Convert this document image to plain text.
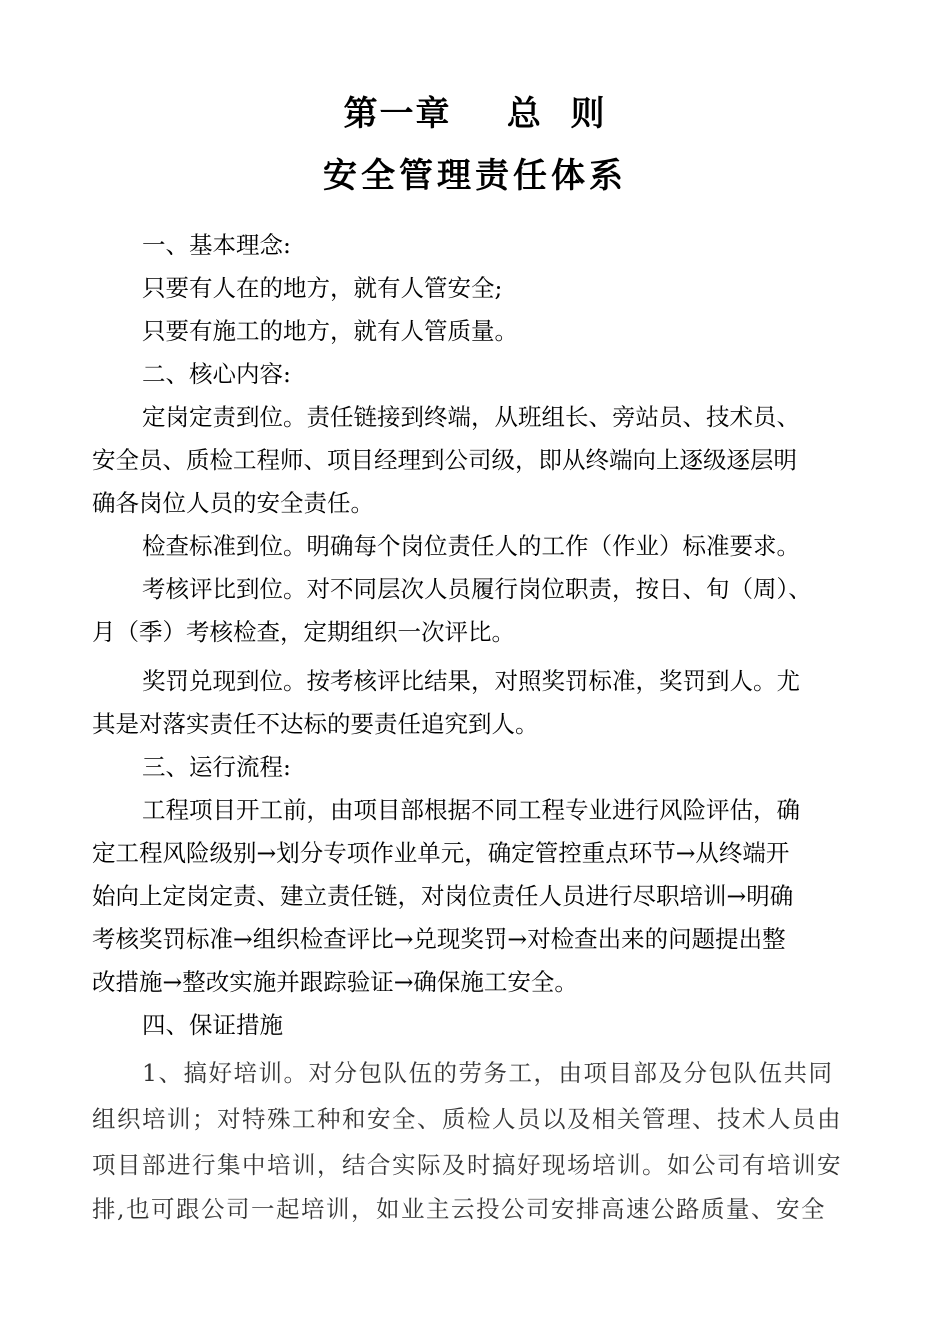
第一章    总  则
安全管理责任体系
一、基本理念:
只要有人在的地方，就有人管安全;
只要有施工的地方，就有人管质量。
二、核心内容:
定岗定责到位。责任链接到终端，从班组长、旁站员、技术员、
安全员、质检工程师、项目经理到公司级，即从终端向上逐级逐层明
确各岗位人员的安全责任。
检查标准到位。明确每个岗位责任人的工作（作业）标准要求。
考核评比到位。对不同层次人员履行岗位职责，按日、旬（周）、
月（季）考核检查，定期组织一次评比。
奖罚兑现到位。按考核评比结果，对照奖罚标准，奖罚到人。尤
其是对落实责任不达标的要责任追究到人。
三、运行流程:
工程项目开工前，由项目部根据不同工程专业进行风险评估，确
定工程风险级别→划分专项作业单元，确定管控重点环节→从终端开
始向上定岗定责、建立责任链，对岗位责任人员进行尽职培训→明确
考核奖罚标准→组织检查评比→兑现奖罚→对检查出来的问题提出整
改措施→整改实施并跟踪验证→确保施工安全。
四、保证措施
1、搞好培训。对分包队伍的劳务工，由项目部及分包队伍共同
组织培训；对特殊工种和安全、质检人员以及相关管理、技术人员由
项目部进行集中培训，结合实际及时搞好现场培训。如公司有培训安
排,也可跟公司一起培训，如业主云投公司安排高速公路质量、安全
